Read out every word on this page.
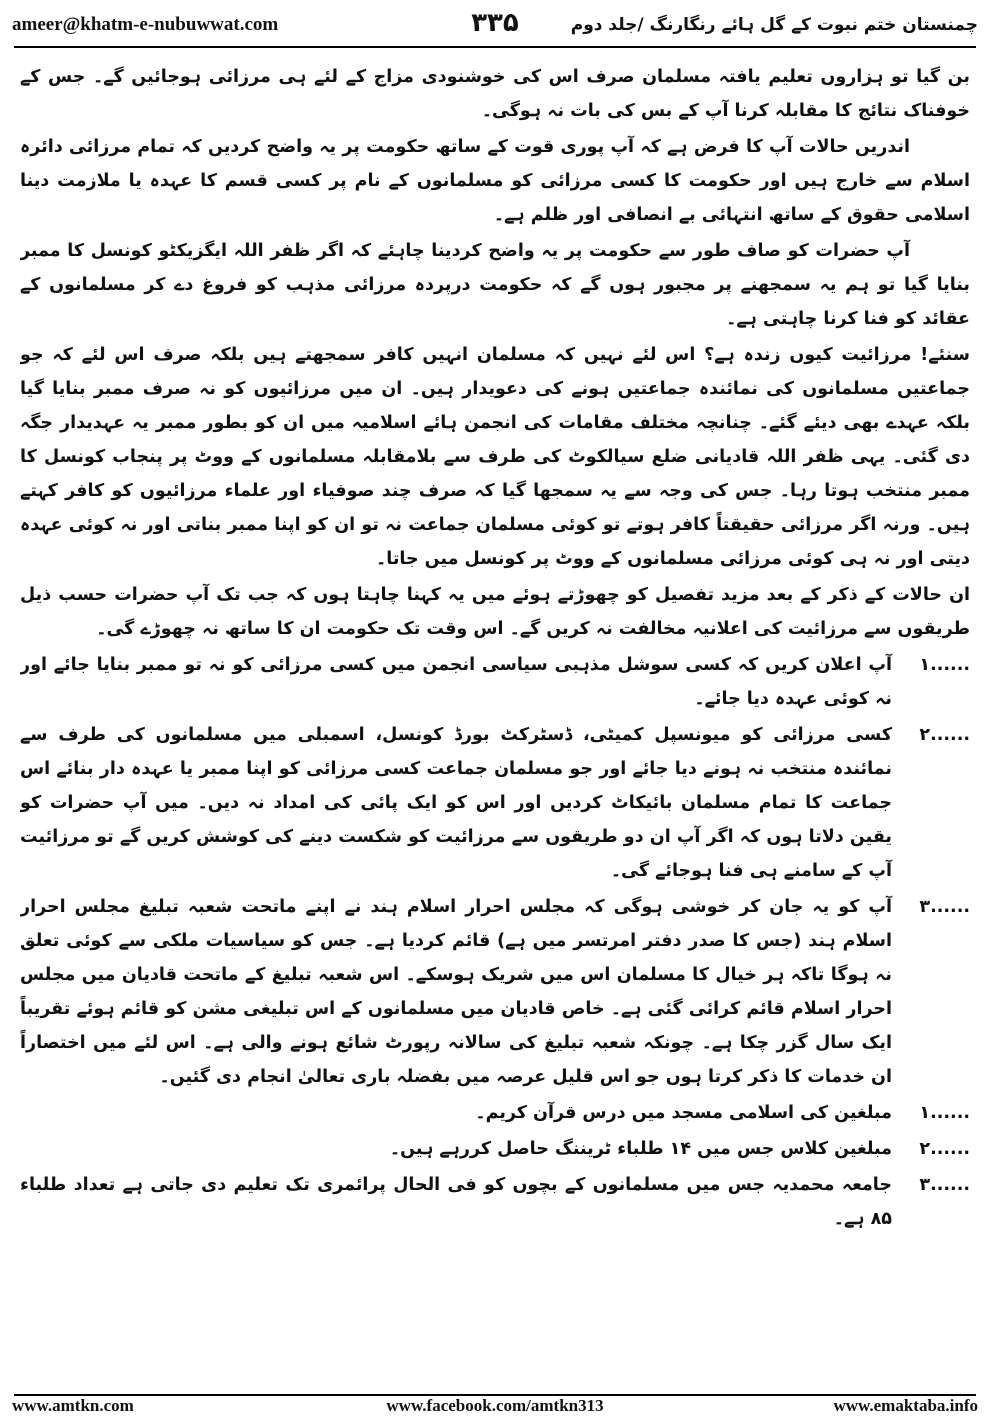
ameer@khatm-e-nubuwwat.com	۳۳۵	چمنستان ختم نبوت کے گل ہائے رنگارنگ /جلد دوم

بن گیا تو ہزاروں تعلیم یافتہ مسلمان صرف اس کی خوشنودی مزاج کے لئے ہی مرزائی ہوجائیں گے۔ جس کے خوفناک نتائج کا مقابلہ کرنا آپ کے بس کی بات نہ ہوگی۔

اندریں حالات آپ کا فرض ہے کہ آپ پوری قوت کے ساتھ حکومت پر یہ واضح کردیں کہ تمام مرزائی دائرہ اسلام سے خارج ہیں اور حکومت کا کسی مرزائی کو مسلمانوں کے نام پر کسی قسم کا عہدہ یا ملازمت دینا اسلامی حقوق کے ساتھ انتہائی بے انصافی اور ظلم ہے۔

آپ حضرات کو صاف طور سے حکومت پر یہ واضح کردینا چاہئے کہ اگر ظفر اللہ ایگزیکٹو کونسل کا ممبر بنایا گیا تو ہم یہ سمجھنے پر مجبور ہوں گے کہ حکومت درپردہ مرزائی مذہب کو فروغ دے کر مسلمانوں کے عقائد کو فنا کرنا چاہتی ہے۔

سنئے! مرزائیت کیوں زندہ ہے؟ اس لئے نہیں کہ مسلمان انہیں کافر سمجھتے ہیں بلکہ صرف اس لئے کہ جو جماعتیں مسلمانوں کی نمائندہ جماعتیں ہونے کی دعویدار ہیں۔ ان میں مرزائیوں کو نہ صرف ممبر بنایا گیا بلکہ عہدے بھی دیئے گئے۔ چنانچہ مختلف مقامات کی انجمن ہائے اسلامیہ میں ان کو بطور ممبر یہ عہدیدار جگہ دی گئی۔ یہی ظفر اللہ قادیانی ضلع سیالکوٹ کی طرف سے بلامقابلہ مسلمانوں کے ووٹ پر پنجاب کونسل کا ممبر منتخب ہوتا رہا۔ جس کی وجہ سے یہ سمجھا گیا کہ صرف چند صوفیاء اور علماء مرزائیوں کو کافر کہتے ہیں۔ ورنہ اگر مرزائی حقیقتاً کافر ہوتے تو کوئی مسلمان جماعت نہ تو ان کو اپنا ممبر بناتی اور نہ کوئی عہدہ دیتی اور نہ ہی کوئی مرزائی مسلمانوں کے ووٹ پر کونسل میں جاتا۔

ان حالات کے ذکر کے بعد مزید تفصیل کو چھوڑتے ہوئے میں یہ کہنا چاہتا ہوں کہ جب تک آپ حضرات حسب ذیل طریقوں سے مرزائیت کی اعلانیہ مخالفت نہ کریں گے۔ اس وقت تک حکومت ان کا ساتھ نہ چھوڑے گی۔

۱......
آپ اعلان کریں کہ کسی سوشل مذہبی سیاسی انجمن میں کسی مرزائی کو نہ تو ممبر بنایا جائے اور نہ کوئی عہدہ دیا جائے۔

۲......
کسی مرزائی کو میونسپل کمیٹی، ڈسٹرکٹ بورڈ کونسل، اسمبلی میں مسلمانوں کی طرف سے نمائندہ منتخب نہ ہونے دیا جائے اور جو مسلمان جماعت کسی مرزائی کو اپنا ممبر یا عہدہ دار بنائے اس جماعت کا تمام مسلمان بائیکاٹ کردیں اور اس کو ایک پائی کی امداد نہ دیں۔ میں آپ حضرات کو یقین دلاتا ہوں کہ اگر آپ ان دو طریقوں سے مرزائیت کو شکست دینے کی کوشش کریں گے تو مرزائیت آپ کے سامنے ہی فنا ہوجائے گی۔

۳......
آپ کو یہ جان کر خوشی ہوگی کہ مجلس احرار اسلام ہند نے اپنے ماتحت شعبہ تبلیغ مجلس احرار اسلام ہند (جس کا صدر دفتر امرتسر میں ہے) قائم کردیا ہے۔ جس کو سیاسیات ملکی سے کوئی تعلق نہ ہوگا تاکہ ہر خیال کا مسلمان اس میں شریک ہوسکے۔ اس شعبہ تبلیغ کے ماتحت قادیان میں مجلس احرار اسلام قائم کرائی گئی ہے۔ خاص قادیان میں مسلمانوں کے اس تبلیغی مشن کو قائم ہوئے تقریباً ایک سال گزر چکا ہے۔ چونکہ شعبہ تبلیغ کی سالانہ رپورٹ شائع ہونے والی ہے۔ اس لئے میں اختصاراً ان خدمات کا ذکر کرتا ہوں جو اس قلیل عرصہ میں بفضلہ باری تعالیٰ انجام دی گئیں۔

۱......
مبلغین کی اسلامی مسجد میں درس قرآن کریم۔

۲......
مبلغین کلاس جس میں ۱۴ طلباء ٹریننگ حاصل کررہے ہیں۔

۳......
جامعہ محمدیہ جس میں مسلمانوں کے بچوں کو فی الحال پرائمری تک تعلیم دی جاتی ہے تعداد طلباء ۸۵ ہے۔

www.amtkn.com	www.facebook.com/amtkn313	www.emaktaba.info
